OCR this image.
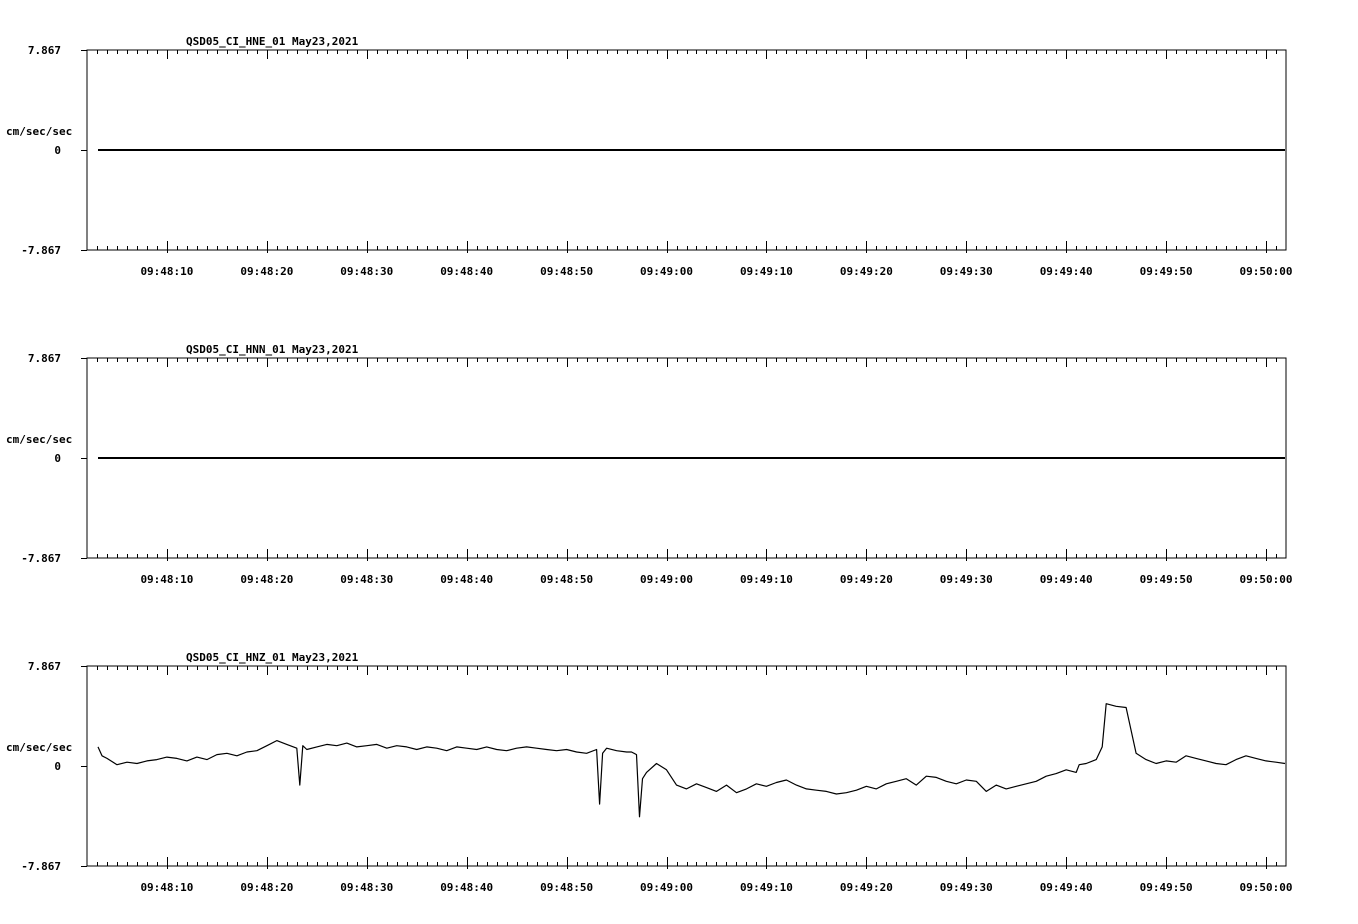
09:48:10	09:48:20	09:48:30	09:48:40	09:48:50	09:49:00	09:49:10	09:49:20	09:49:30	09:49:40	09:49:50	09:50:00
7.867
0
-7.867
cm/sec/sec
QSD05_CI_HNE_01 May23,2021
09:48:10	09:48:20	09:48:30	09:48:40	09:48:50	09:49:00	09:49:10	09:49:20	09:49:30	09:49:40	09:49:50	09:50:00
7.867
0
-7.867
cm/sec/sec
QSD05_CI_HNN_01 May23,2021
09:48:10	09:48:20	09:48:30	09:48:40	09:48:50	09:49:00	09:49:10	09:49:20	09:49:30	09:49:40	09:49:50	09:50:00
7.867
0
-7.867
cm/sec/sec
QSD05_CI_HNZ_01 May23,2021
